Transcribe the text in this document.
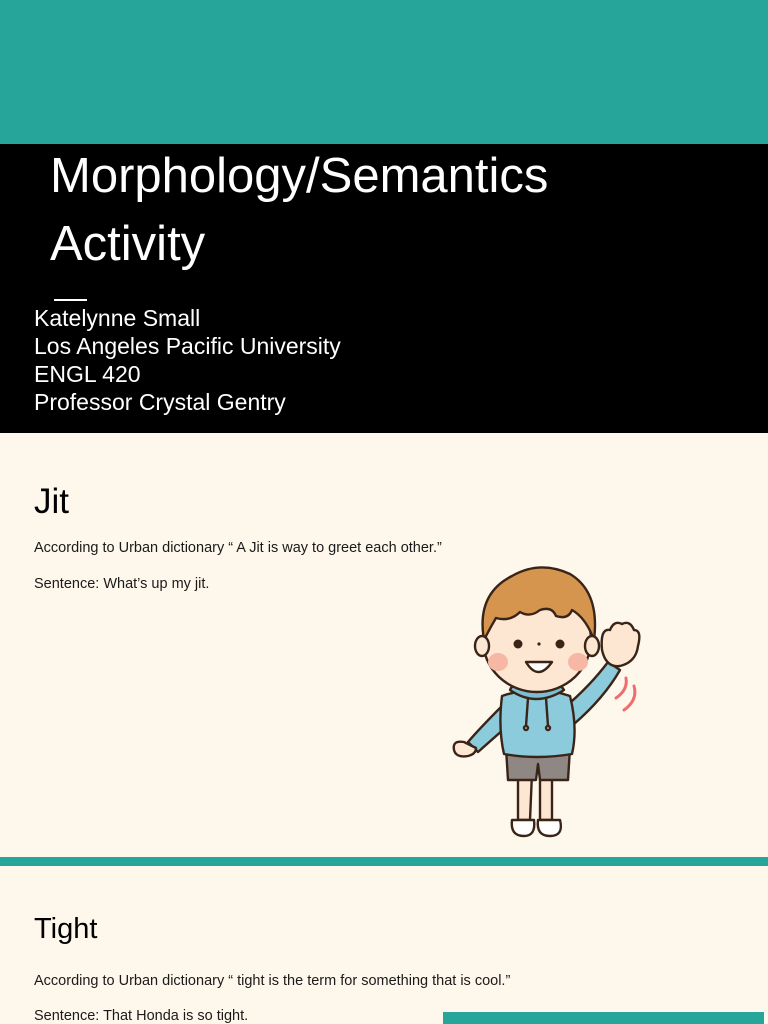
Morphology/Semantics
Activity
Katelynne Small
Los Angeles Pacific University
ENGL 420
Professor Crystal Gentry
Jit

According to Urban dictionary “ A Jit is way to greet each other.”

Sentence: What’s up my jit.

Tight

According to Urban dictionary “ tight is the term for something that is cool.”

Sentence: That Honda is so tight.
